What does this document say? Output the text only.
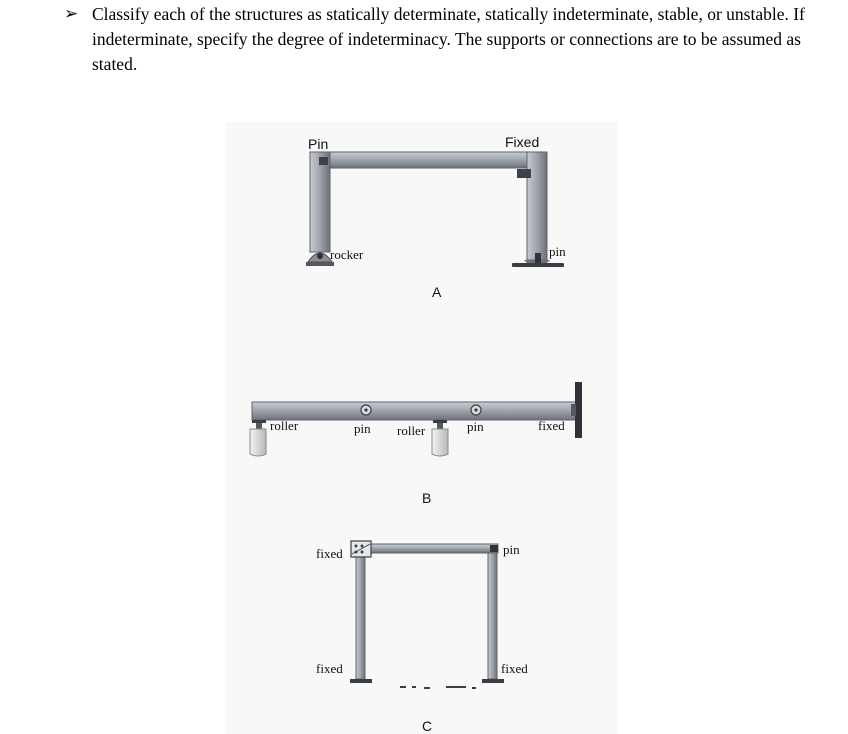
➢ Classify each of the structures as statically determinate, statically indeterminate, stable, or unstable. If indeterminate, specify the degree of indeterminacy. The supports or connections are to be assumed as stated.
Pin	Fixed
rocker	pin
A
roller	pin roller	pin	fixed
B
fixed	pin
fixed	fixed
C
